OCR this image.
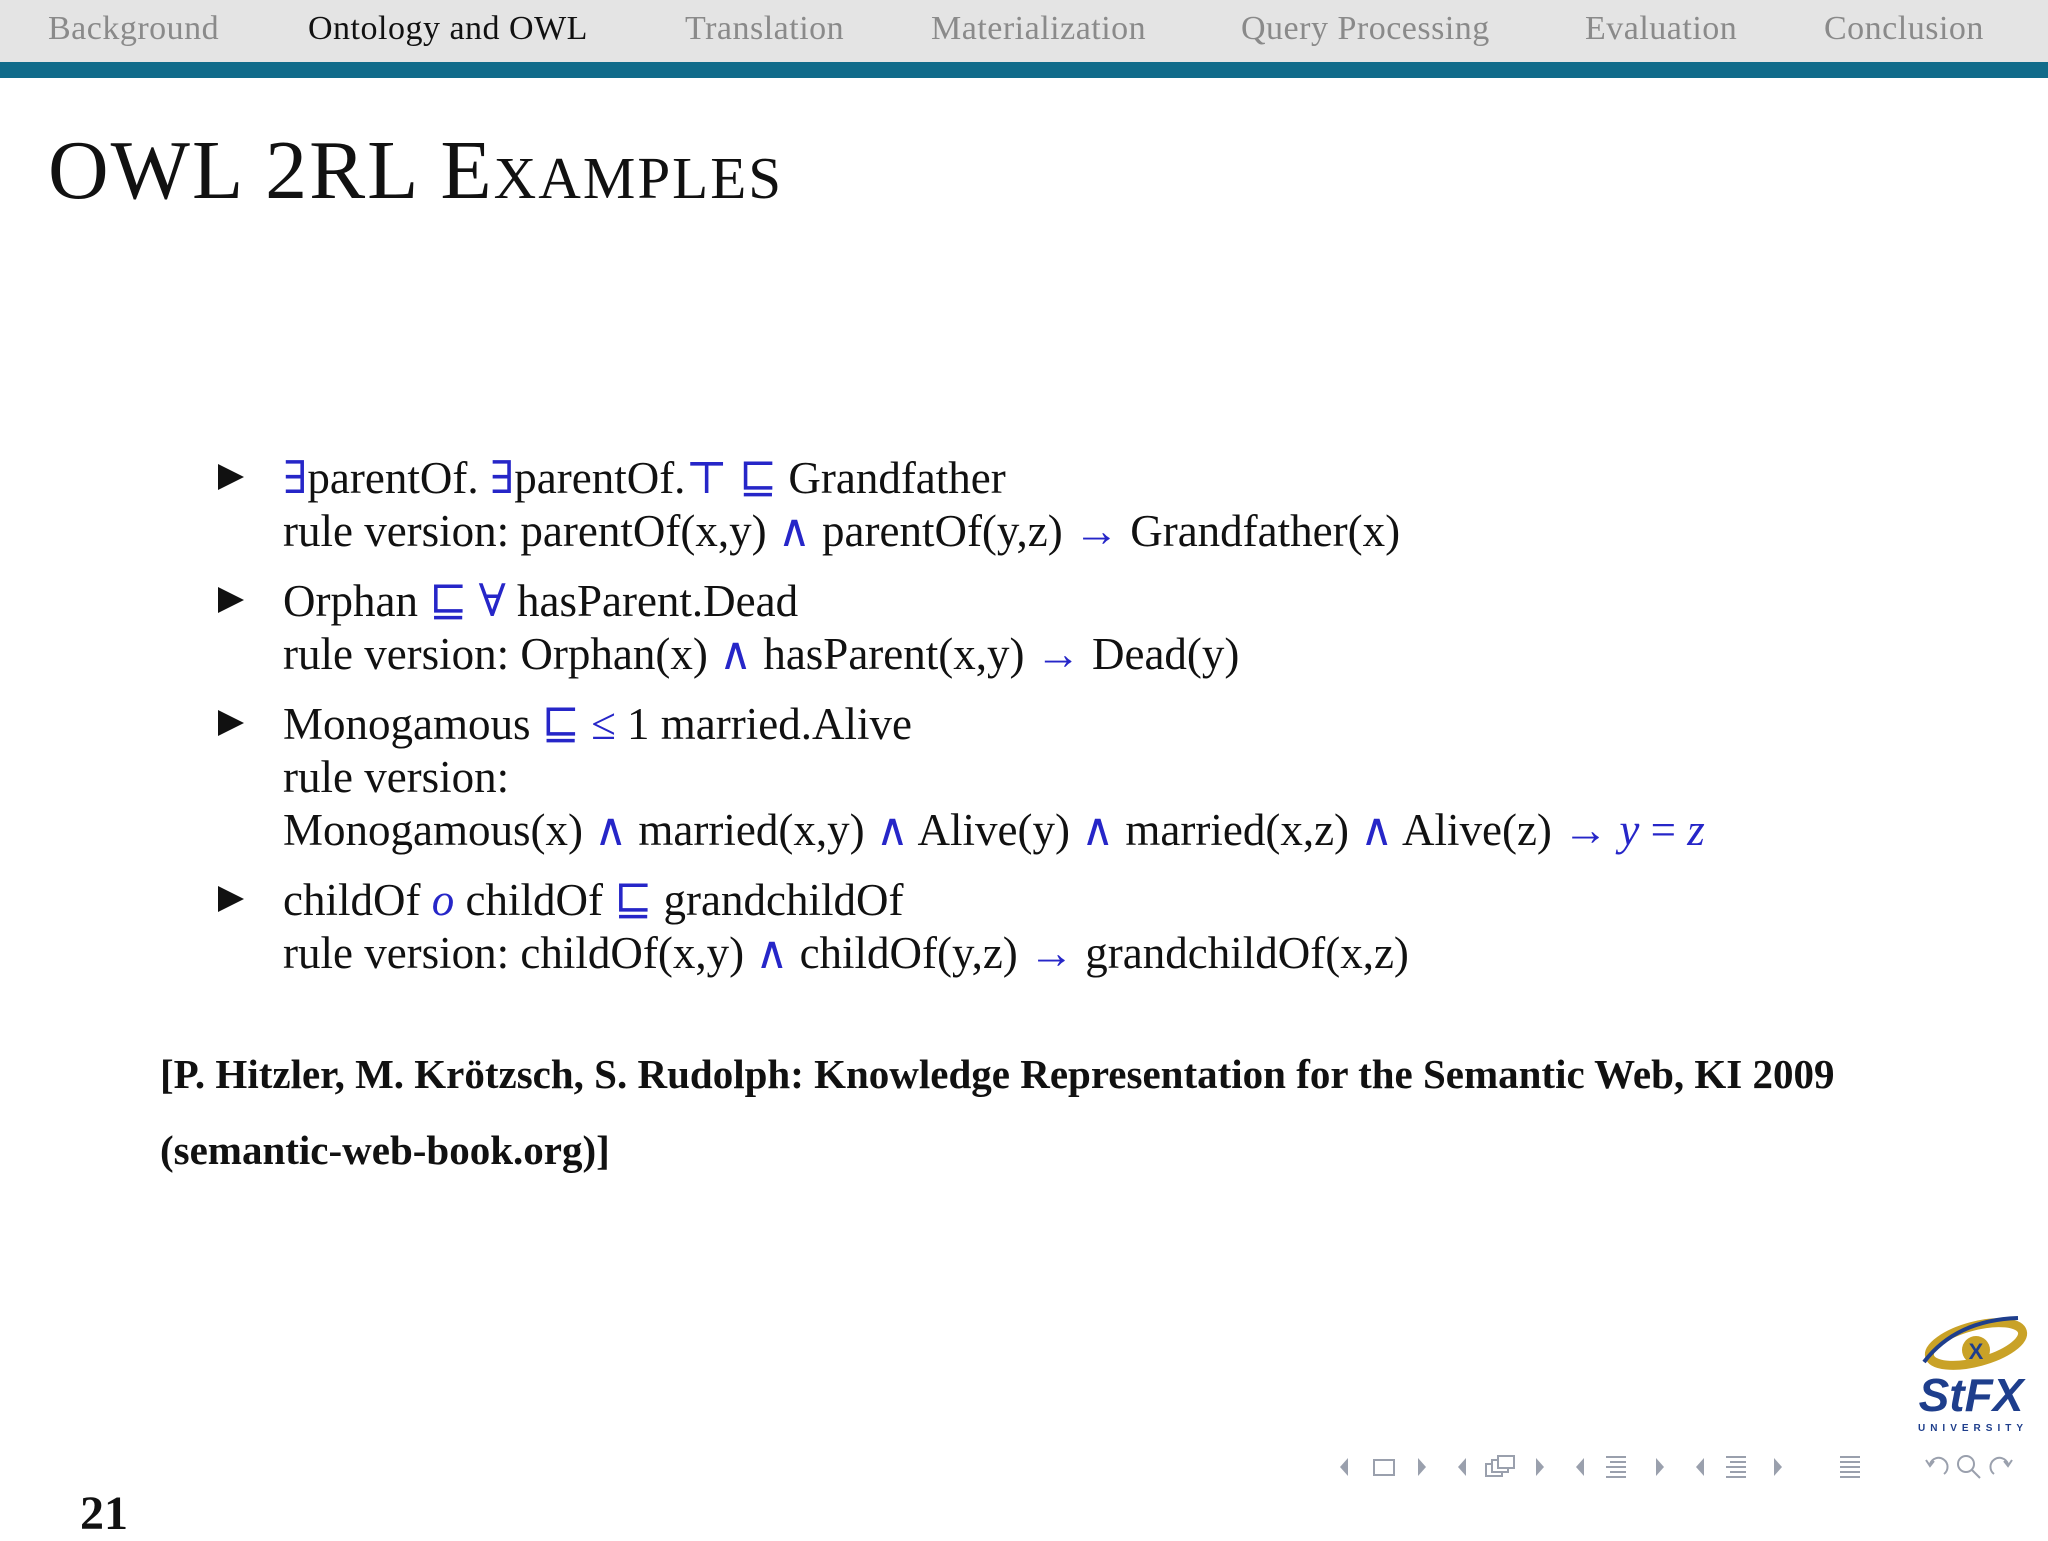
Background	Ontology and OWL	Translation	Materialization	Query Processing	Evaluation	Conclusion
OWL 2RL Examples
∃parentOf. ∃parentOf.⊤ ⊑ Grandfather
rule version: parentOf(x,y) ∧ parentOf(y,z) → Grandfather(x)
Orphan ⊑ ∀ hasParent.Dead
rule version: Orphan(x) ∧ hasParent(x,y) → Dead(y)
Monogamous ⊑ ≤ 1 married.Alive
rule version:
Monogamous(x) ∧ married(x,y) ∧ Alive(y) ∧ married(x,z) ∧ Alive(z) → y = z
childOf o childOf ⊑ grandchildOf
rule version: childOf(x,y) ∧ childOf(y,z) → grandchildOf(x,z)
[P. Hitzler, M. Krötzsch, S. Rudolph: Knowledge Representation for the Semantic Web, KI 2009 (semantic-web-book.org)]
21
X
StFX
UNIVERSITY
